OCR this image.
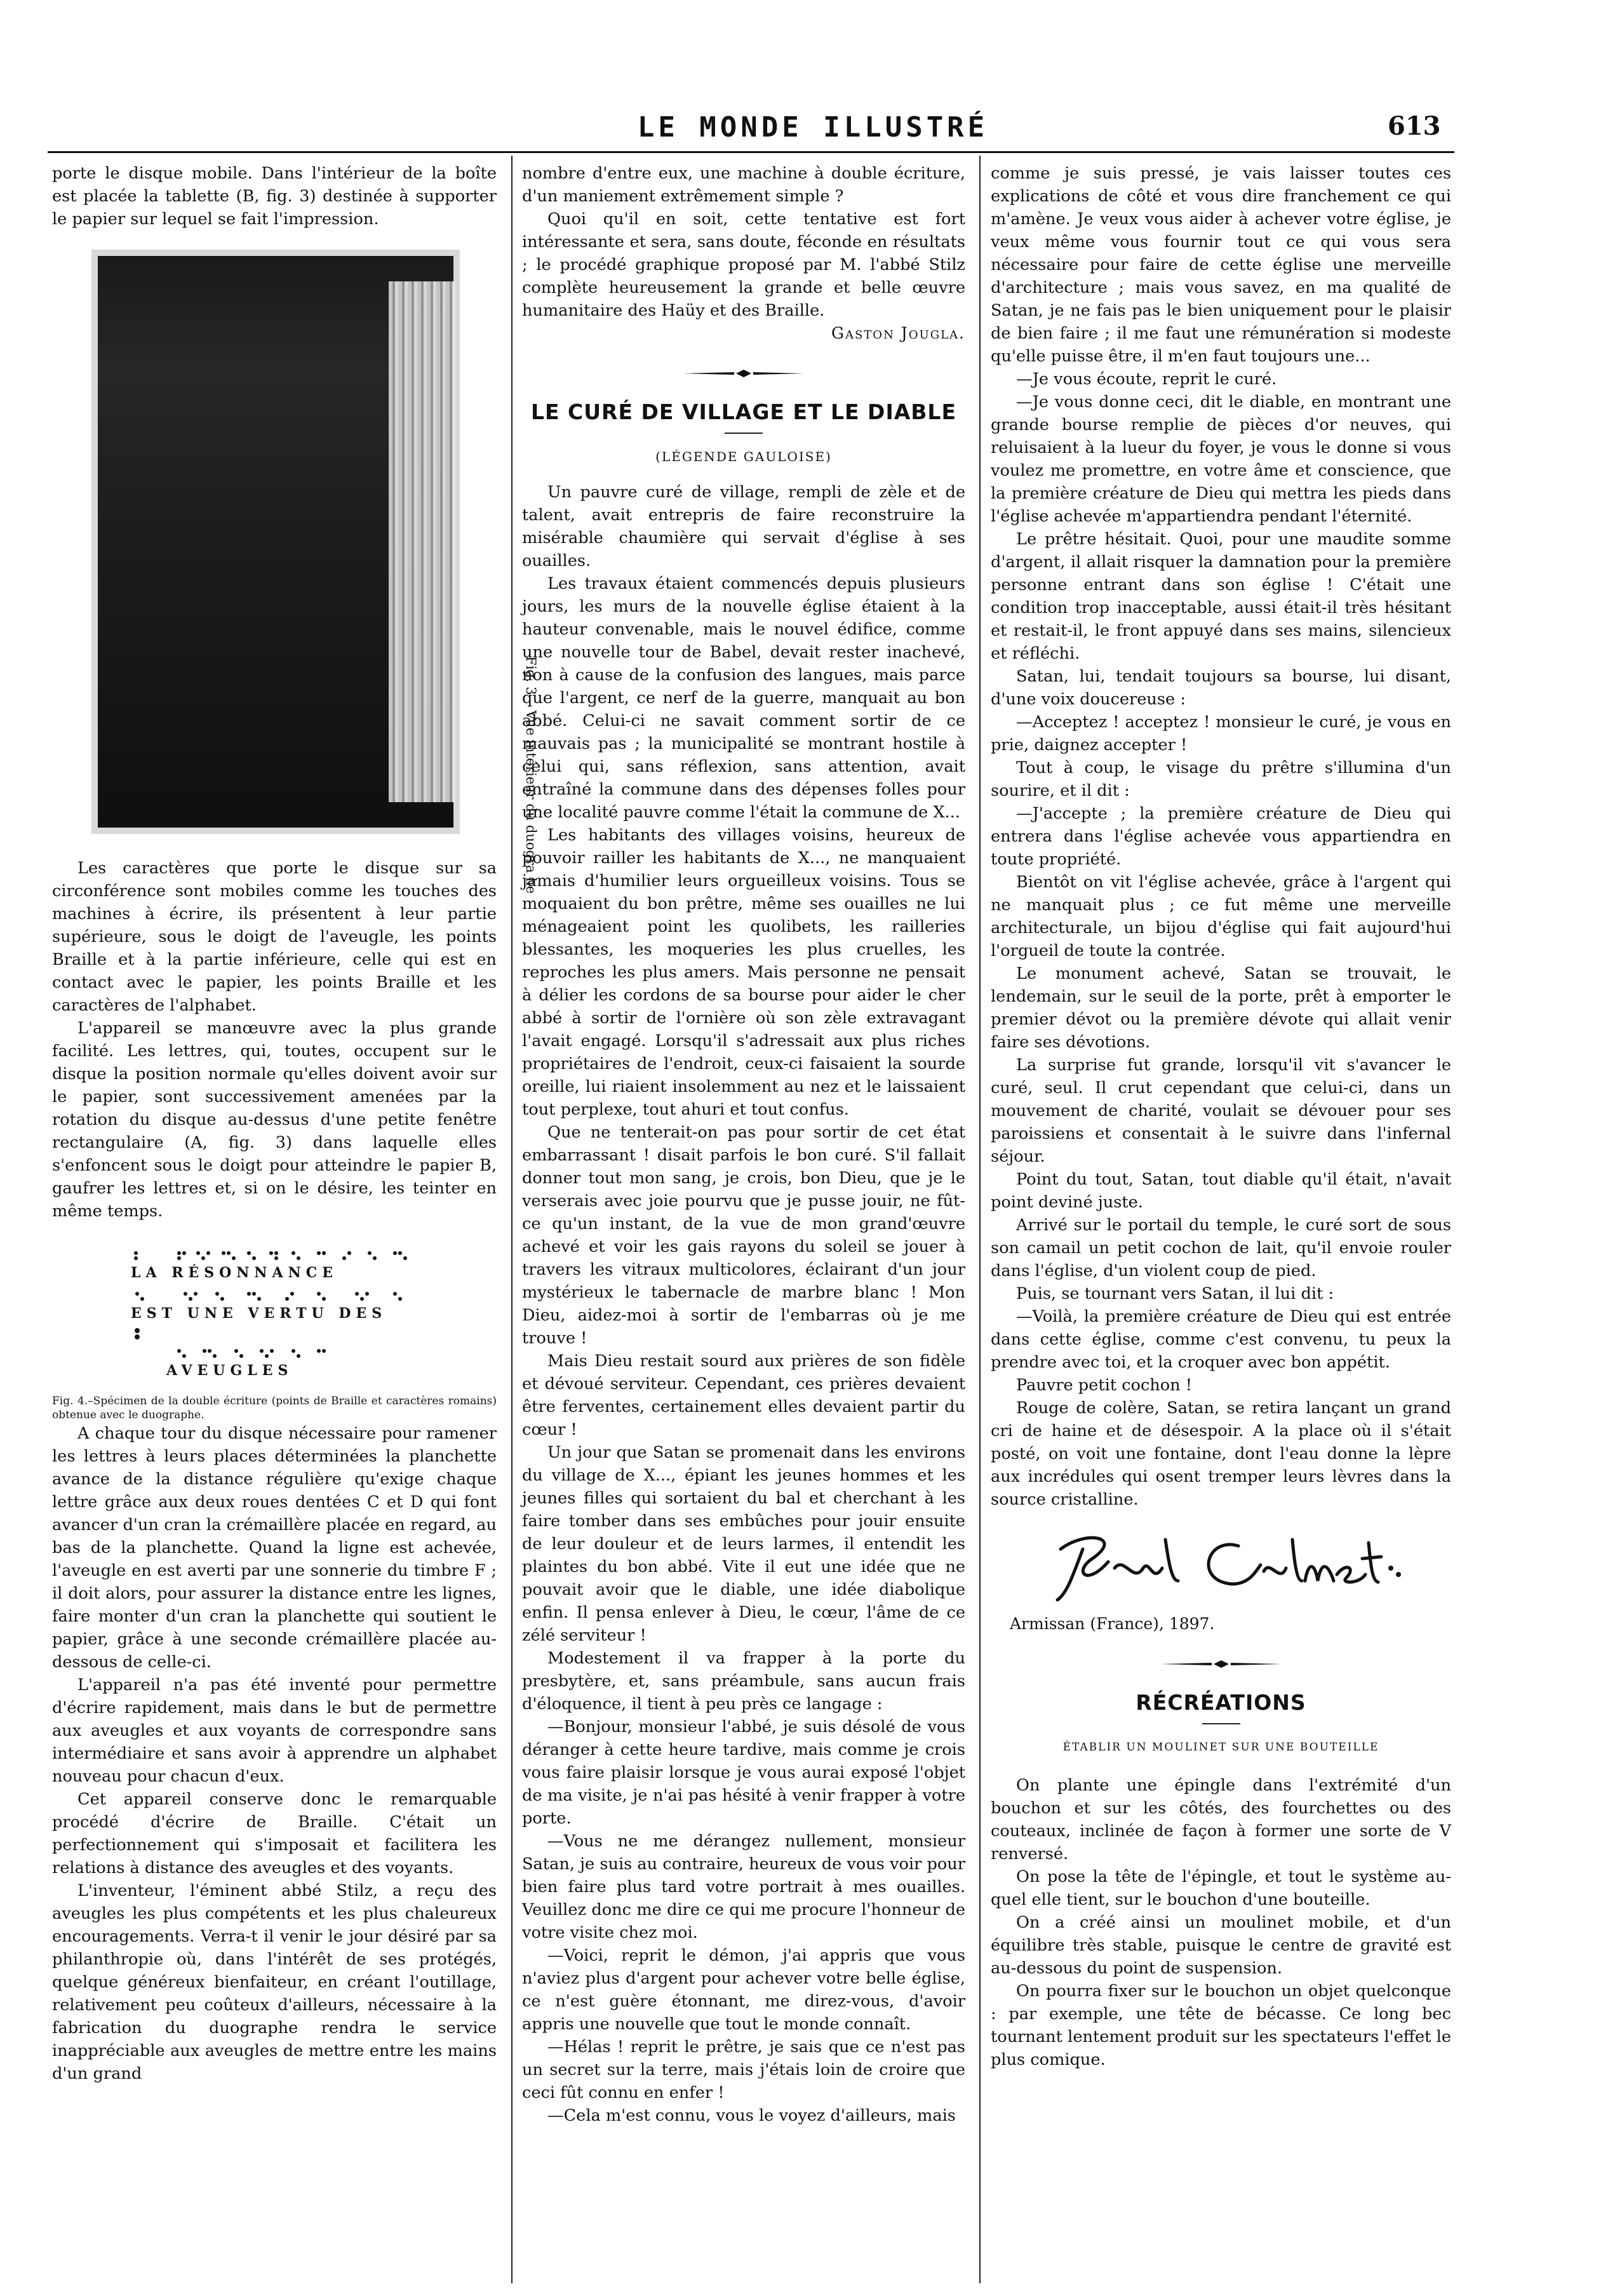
LE MONDE ILLUSTRÉ	613

porte le disque mobile. Dans l'intérieur de la boîte est placée la tablette (B, fig. 3) destinée à supporter le papier sur lequel se fait l'impression.

Fig. 3 – Vue intérieur du duogra he

Les caractères que porte le disque sur sa circonférence sont mobiles comme les touches des machines à écrire, ils présentent à leur partie supérieure, sous le doigt de l'aveugle, les points Braille et à la partie inférieure, celle qui est en contact avec le papier, les points Braille et les caractères de l'alphabet.

L'appareil se manœuvre avec la plus grande facilité. Les lettres, qui, toutes, occupent sur le disque la position normale qu'elles doivent avoir sur le papier, sont successivement amenées par la rotation du disque au-dessus d'une petite fenêtre rectangulaire (A, fig. 3) dans laquelle elles s'enfoncent sous le doigt pour atteindre le papier B, gaufrer les lettres et, si on le désire, les teinter en même temps.

LA RÉSONNANCE
EST UNE VERTU DES
AVEUGLES

Fig. 4.–Spécimen de la double écriture (points de Braille et caractères romains) obtenue avec le duographe.

A chaque tour du disque nécessaire pour ramener les lettres à leurs places déterminées la planchette avance de la distance régulière qu'exige chaque lettre grâce aux deux roues dentées C et D qui font avancer d'un cran la crémaillère placée en regard, au bas de la planchette. Quand la ligne est achevée, l'aveugle en est averti par une sonnerie du timbre F ; il doit alors, pour assurer la distance entre les lignes, faire monter d'un cran la planchette qui soutient le papier, grâce à une seconde crémaillère placée au-dessous de celle-ci.

L'appareil n'a pas été inventé pour permettre d'écrire rapidement, mais dans le but de permettre aux aveugles et aux voyants de correspondre sans intermédiaire et sans avoir à apprendre un alphabet nouveau pour chacun d'eux.

Cet appareil conserve donc le remarquable procédé d'écrire de Braille. C'était un perfectionnement qui s'imposait et facilitera les relations à distance des aveugles et des voyants.

L'inventeur, l'éminent abbé Stilz, a reçu des aveugles les plus compétents et les plus chaleureux encouragements. Verra-t il venir le jour désiré par sa philanthropie où, dans l'intérêt de ses protégés, quelque généreux bienfaiteur, en créant l'outillage, relativement peu coûteux d'ailleurs, nécessaire à la fabrication du duographe rendra le service inappréciable aux aveugles de mettre entre les mains d'un grand

nombre d'entre eux, une machine à double écriture, d'un maniement extrêmement simple ?

Quoi qu'il en soit, cette tentative est fort intéressante et sera, sans doute, féconde en résultats ; le procédé graphique proposé par M. l'abbé Stilz complète heureusement la grande et belle œuvre humanitaire des Haüy et des Braille.

Gaston Jougla.
LE CURÉ DE VILLAGE ET LE DIABLE
(LÉGENDE GAULOISE)

Un pauvre curé de village, rempli de zèle et de talent, avait entrepris de faire reconstruire la misérable chaumière qui servait d'église à ses ouailles.

Les travaux étaient commencés depuis plusieurs jours, les murs de la nouvelle église étaient à la hauteur convenable, mais le nouvel édifice, comme une nouvelle tour de Babel, devait rester inachevé, non à cause de la confusion des langues, mais parce que l'argent, ce nerf de la guerre, manquait au bon abbé. Celui-ci ne savait comment sortir de ce mauvais pas ; la municipalité se montrant hostile à celui qui, sans réflexion, sans attention, avait entraîné la commune dans des dépenses folles pour une localité pauvre comme l'était la commune de X...

Les habitants des villages voisins, heureux de pouvoir railler les habitants de X..., ne manquaient jamais d'humilier leurs orgueilleux voisins. Tous se moquaient du bon prêtre, même ses ouailles ne lui ménageaient point les quolibets, les railleries blessantes, les moqueries les plus cruelles, les reproches les plus amers. Mais personne ne pensait à délier les cordons de sa bourse pour aider le cher abbé à sortir de l'ornière où son zèle extravagant l'avait engagé. Lorsqu'il s'adressait aux plus riches propriétaires de l'endroit, ceux-ci faisaient la sourde oreille, lui riaient insolemment au nez et le laissaient tout perplexe, tout ahuri et tout confus.

Que ne tenterait-on pas pour sortir de cet état embarrassant ! disait parfois le bon curé. S'il fallait donner tout mon sang, je crois, bon Dieu, que je le verserais avec joie pourvu que je pusse jouir, ne fût-ce qu'un instant, de la vue de mon grand'œuvre achevé et voir les gais rayons du soleil se jouer à travers les vitraux multicolores, éclairant d'un jour mystérieux le tabernacle de marbre blanc ! Mon Dieu, aidez-moi à sortir de l'embarras où je me trouve !

Mais Dieu restait sourd aux prières de son fidèle et dévoué serviteur. Cependant, ces prières devaient être ferventes, certainement elles devaient partir du cœur !

Un jour que Satan se promenait dans les environs du village de X..., épiant les jeunes hommes et les jeunes filles qui sortaient du bal et cherchant à les faire tomber dans ses embûches pour jouir ensuite de leur douleur et de leurs larmes, il entendit les plaintes du bon abbé. Vite il eut une idée que ne pouvait avoir que le diable, une idée diabolique enfin. Il pensa enlever à Dieu, le cœur, l'âme de ce zélé serviteur !

Modestement il va frapper à la porte du presbytère, et, sans préambule, sans aucun frais d'éloquence, il tient à peu près ce langage :

—Bonjour, monsieur l'abbé, je suis désolé de vous déranger à cette heure tardive, mais comme je crois vous faire plaisir lorsque je vous aurai exposé l'objet de ma visite, je n'ai pas hésité à venir frapper à votre porte.

—Vous ne me dérangez nullement, monsieur Satan, je suis au contraire, heureux de vous voir pour bien faire plus tard votre portrait à mes ouailles. Veuillez donc me dire ce qui me procure l'honneur de votre visite chez moi.

—Voici, reprit le démon, j'ai appris que vous n'aviez plus d'argent pour achever votre belle église, ce n'est guère étonnant, me direz-vous, d'avoir appris une nouvelle que tout le monde connaît.

—Hélas ! reprit le prêtre, je sais que ce n'est pas un secret sur la terre, mais j'étais loin de croire que ceci fût connu en enfer !

—Cela m'est connu, vous le voyez d'ailleurs, mais

comme je suis pressé, je vais laisser toutes ces explications de côté et vous dire franchement ce qui m'amène. Je veux vous aider à achever votre église, je veux même vous fournir tout ce qui vous sera nécessaire pour faire de cette église une merveille d'architecture ; mais vous savez, en ma qualité de Satan, je ne fais pas le bien uniquement pour le plaisir de bien faire ; il me faut une rémunération si modeste qu'elle puisse être, il m'en faut toujours une...

—Je vous écoute, reprit le curé.

—Je vous donne ceci, dit le diable, en montrant une grande bourse remplie de pièces d'or neuves, qui reluisaient à la lueur du foyer, je vous le donne si vous voulez me promettre, en votre âme et conscience, que la première créature de Dieu qui mettra les pieds dans l'église achevée m'appartiendra pendant l'éternité.

Le prêtre hésitait. Quoi, pour une maudite somme d'argent, il allait risquer la damnation pour la première personne entrant dans son église ! C'était une condition trop inacceptable, aussi était-il très hésitant et restait-il, le front appuyé dans ses mains, silencieux et réfléchi.

Satan, lui, tendait toujours sa bourse, lui disant, d'une voix doucereuse :

—Acceptez ! acceptez ! monsieur le curé, je vous en prie, daignez accepter !

Tout à coup, le visage du prêtre s'illumina d'un sourire, et il dit :

—J'accepte ; la première créature de Dieu qui entrera dans l'église achevée vous appartiendra en toute propriété.

Bientôt on vit l'église achevée, grâce à l'argent qui ne manquait plus ; ce fut même une merveille architecturale, un bijou d'église qui fait aujourd'hui l'orgueil de toute la contrée.

Le monument achevé, Satan se trouvait, le lendemain, sur le seuil de la porte, prêt à emporter le premier dévot ou la première dévote qui allait venir faire ses dévotions.

La surprise fut grande, lorsqu'il vit s'avancer le curé, seul. Il crut cependant que celui-ci, dans un mouvement de charité, voulait se dévouer pour ses paroissiens et consentait à le suivre dans l'infernal séjour.

Point du tout, Satan, tout diable qu'il était, n'avait point deviné juste.

Arrivé sur le portail du temple, le curé sort de sous son camail un petit cochon de lait, qu'il envoie rouler dans l'église, d'un violent coup de pied.

Puis, se tournant vers Satan, il lui dit :

—Voilà, la première créature de Dieu qui est entrée dans cette église, comme c'est convenu, tu peux la prendre avec toi, et la croquer avec bon appétit.

Pauvre petit cochon !

Rouge de colère, Satan, se retira lançant un grand cri de haine et de désespoir. A la place où il s'était posté, on voit une fontaine, dont l'eau donne la lèpre aux incrédules qui osent tremper leurs lèvres dans la source cristalline.

Armissan (France), 1897.
RÉCRÉATIONS
ÉTABLIR UN MOULINET SUR UNE BOUTEILLE

On plante une épingle dans l'extrémité d'un bouchon et sur les côtés, des fourchettes ou des couteaux, inclinée de façon à former une sorte de V renversé.

On pose la tête de l'épingle, et tout le système au-quel elle tient, sur le bouchon d'une bouteille.

On a créé ainsi un moulinet mobile, et d'un équilibre très stable, puisque le centre de gravité est au-dessous du point de suspension.

On pourra fixer sur le bouchon un objet quelconque : par exemple, une tête de bécasse. Ce long bec tournant lentement produit sur les spectateurs l'effet le plus comique.
